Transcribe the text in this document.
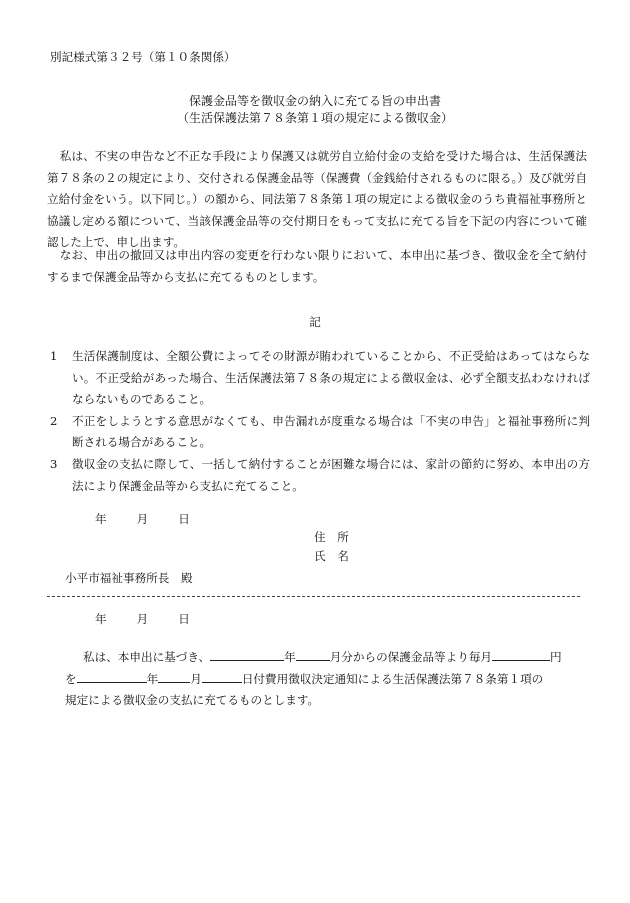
別記様式第３２号（第１０条関係）
保護金品等を徴収金の納入に充てる旨の申出書
（生活保護法第７８条第１項の規定による徴収金）
私は、不実の申告など不正な手段により保護又は就労自立給付金の支給を受けた場合は、生活保護法第７８条の２の規定により、交付される保護金品等（保護費（金銭給付されるものに限る。）及び就労自立給付金をいう。以下同じ。）の額から、同法第７８条第１項の規定による徴収金のうち貴福祉事務所と協議し定める額について、当該保護金品等の交付期日をもって支払に充てる旨を下記の内容について確認した上で、申し出ます。
なお、申出の撤回又は申出内容の変更を行わない限りにおいて、本申出に基づき、徴収金を全て納付するまで保護金品等から支払に充てるものとします。
記
1	生活保護制度は、全額公費によってその財源が賄われていることから、不正受給はあってはならない。不正受給があった場合、生活保護法第７８条の規定による徴収金は、必ず全額支払わなければならないものであること。
2	不正をしようとする意思がなくても、申告漏れが度重なる場合は「不実の申告」と福祉事務所に判断される場合があること。
3	徴収金の支払に際して、一括して納付することが困難な場合には、家計の節約に努め、本申出の方法により保護金品等から支払に充てること。
年	月	日
住　所
氏　名
小平市福祉事務所長　殿
年	月	日
私は、本申出に基づき、	年	月分からの保護金品等より毎月	円
を	年	月	日付費用徴収決定通知による生活保護法第７８条第１項の
規定による徴収金の支払に充てるものとします。
